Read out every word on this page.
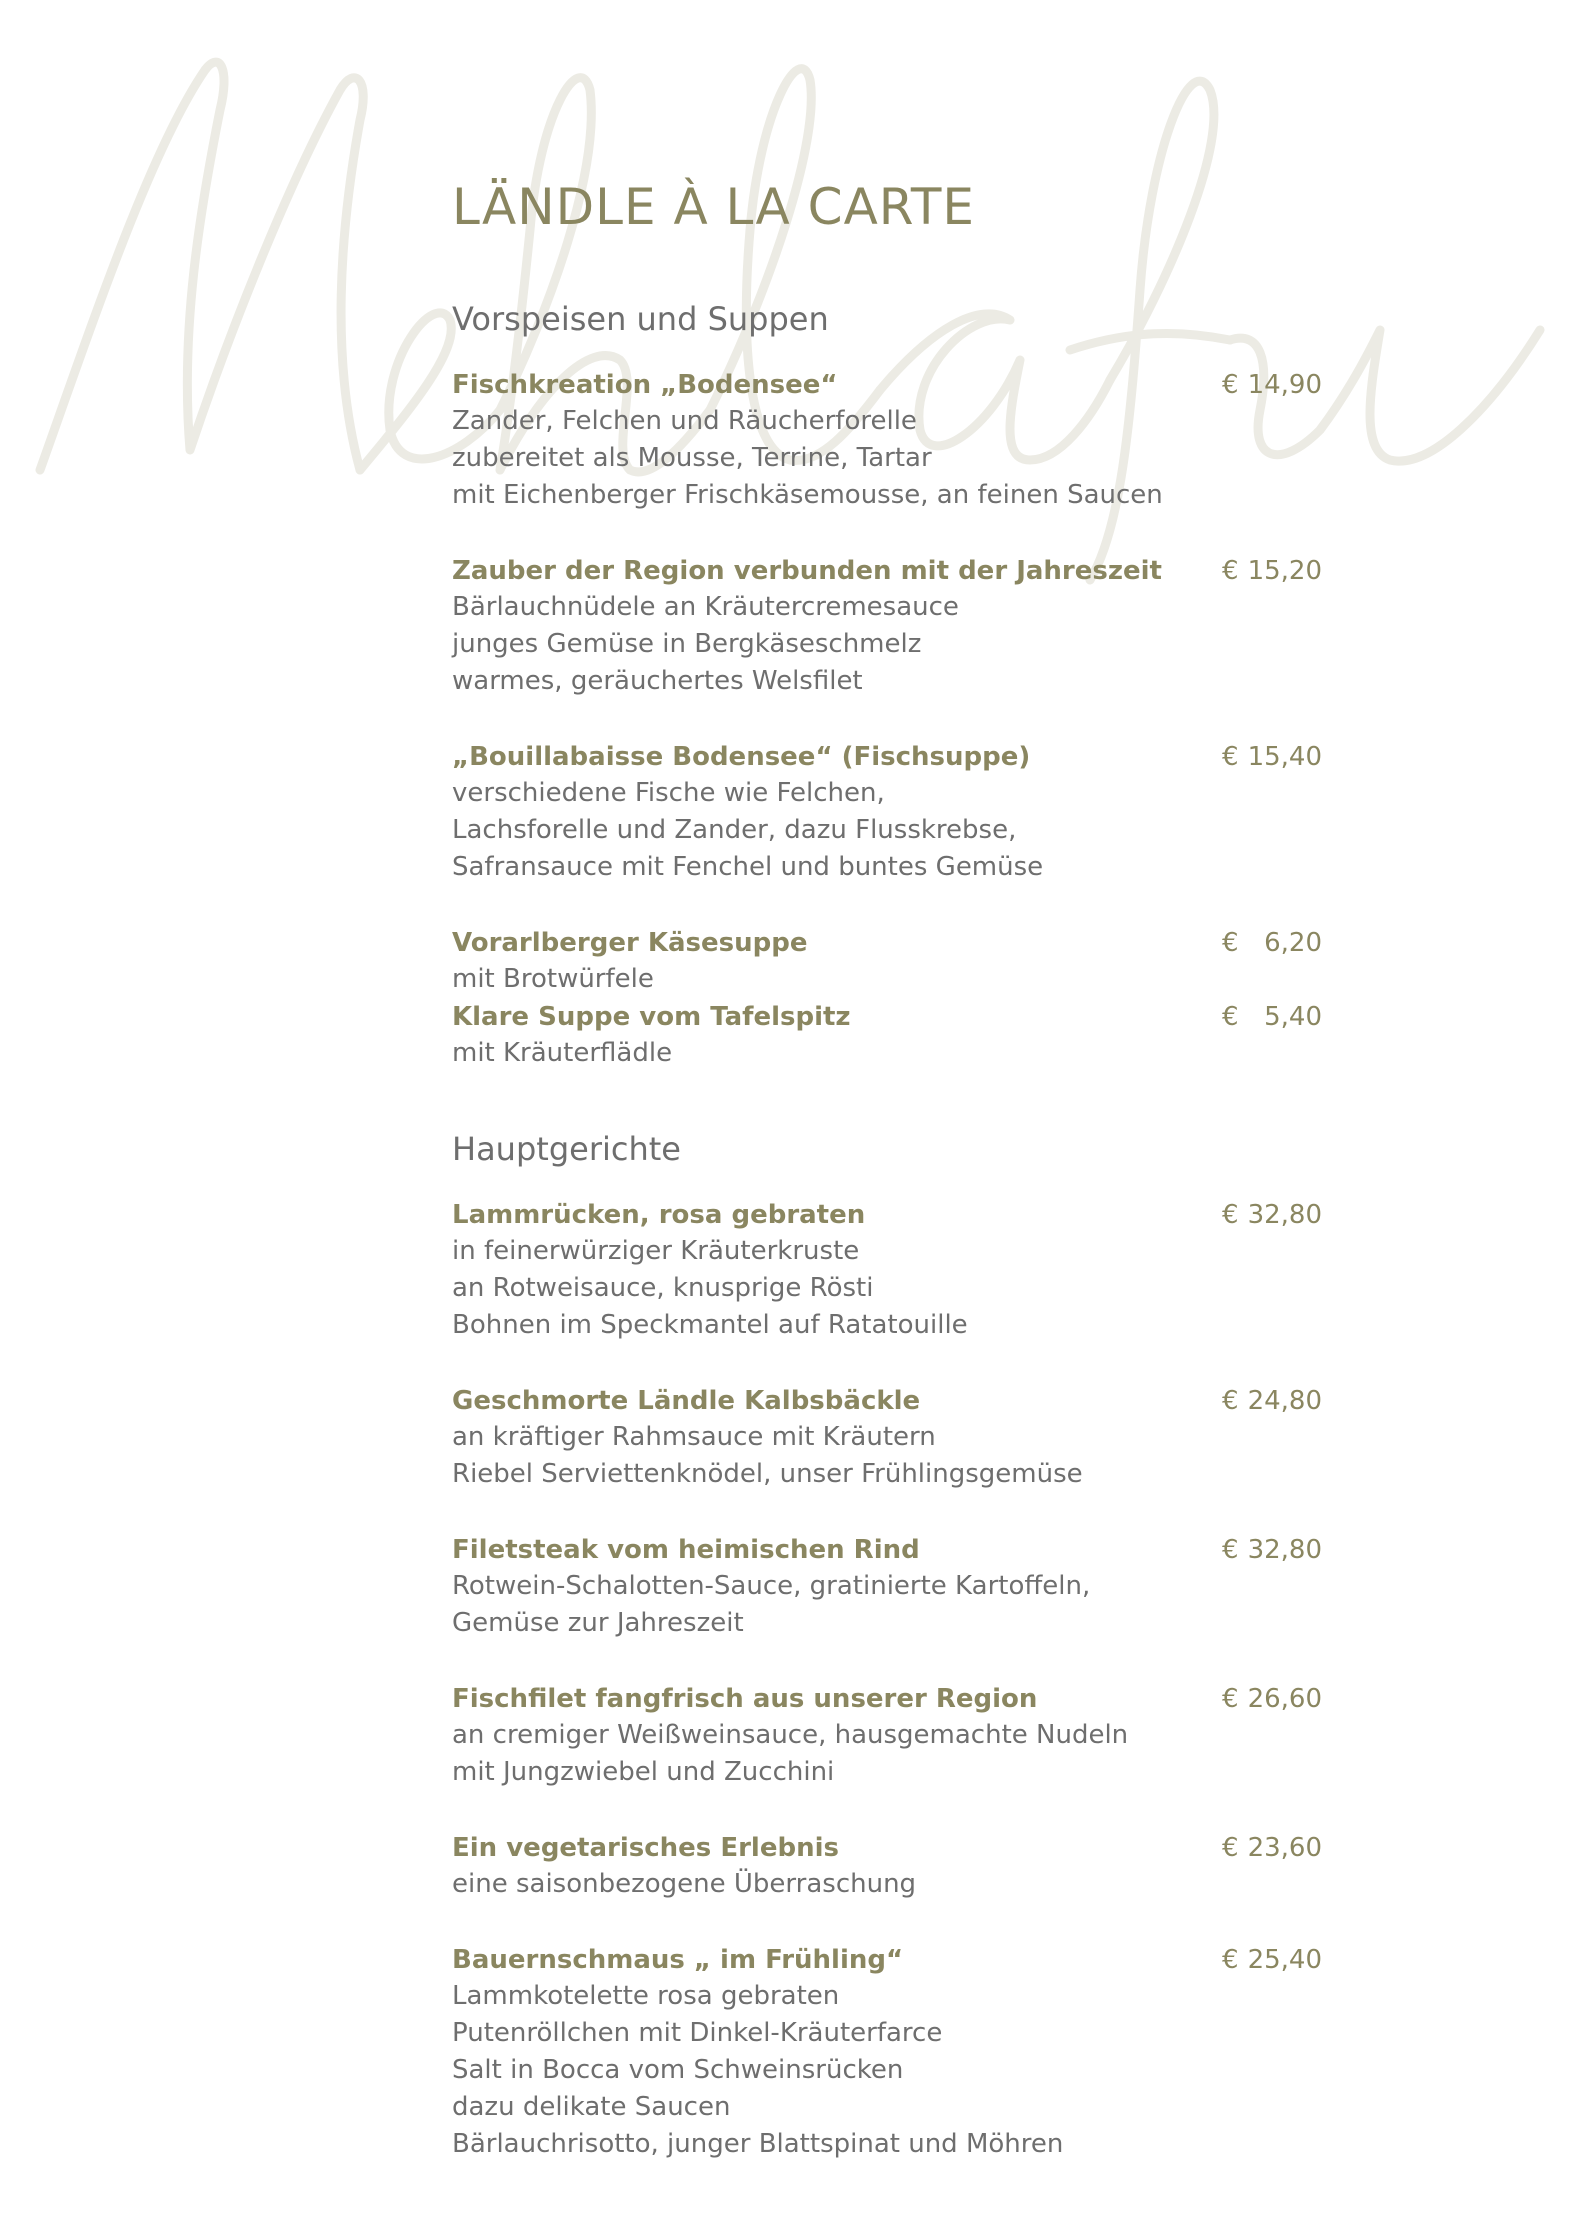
LÄNDLE À LA CARTE
Vorspeisen und Suppen
Fischkreation „Bodensee“	€ 14,90
Zander, Felchen und Räucherforelle
zubereitet als Mousse, Terrine, Tartar
mit Eichenberger Frischkäsemousse, an feinen Saucen
Zauber der Region verbunden mit der Jahreszeit € 15,20
Bärlauchnüdele an Kräutercremesauce
junges Gemüse in Bergkäseschmelz
warmes, geräuchertes Welsfilet
„Bouillabaisse Bodensee“ (Fischsuppe)	€ 15,40
verschiedene Fische wie Felchen,
Lachsforelle und Zander, dazu Flusskrebse,
Safransauce mit Fenchel und buntes Gemüse
Vorarlberger Käsesuppe	€ 6,20
mit Brotwürfele
Klare Suppe vom Tafelspitz	€ 5,40
mit Kräuterflädle
Hauptgerichte
Lammrücken, rosa gebraten	€ 32,80
in feinerwürziger Kräuterkruste
an Rotweisauce, knusprige Rösti
Bohnen im Speckmantel auf Ratatouille
Geschmorte Ländle Kalbsbäckle	€ 24,80
an kräftiger Rahmsauce mit Kräutern
Riebel Serviettenknödel, unser Frühlingsgemüse
Filetsteak vom heimischen Rind	€ 32,80
Rotwein-Schalotten-Sauce, gratinierte Kartoffeln,
Gemüse zur Jahreszeit
Fischfilet fangfrisch aus unserer Region	€ 26,60
an cremiger Weißweinsauce, hausgemachte Nudeln
mit Jungzwiebel und Zucchini
Ein vegetarisches Erlebnis	€ 23,60
eine saisonbezogene Überraschung
Bauernschmaus „ im Frühling“	€ 25,40
Lammkotelette rosa gebraten
Putenröllchen mit Dinkel-Kräuterfarce
Salt in Bocca vom Schweinsrücken
dazu delikate Saucen
Bärlauchrisotto, junger Blattspinat und Möhren
